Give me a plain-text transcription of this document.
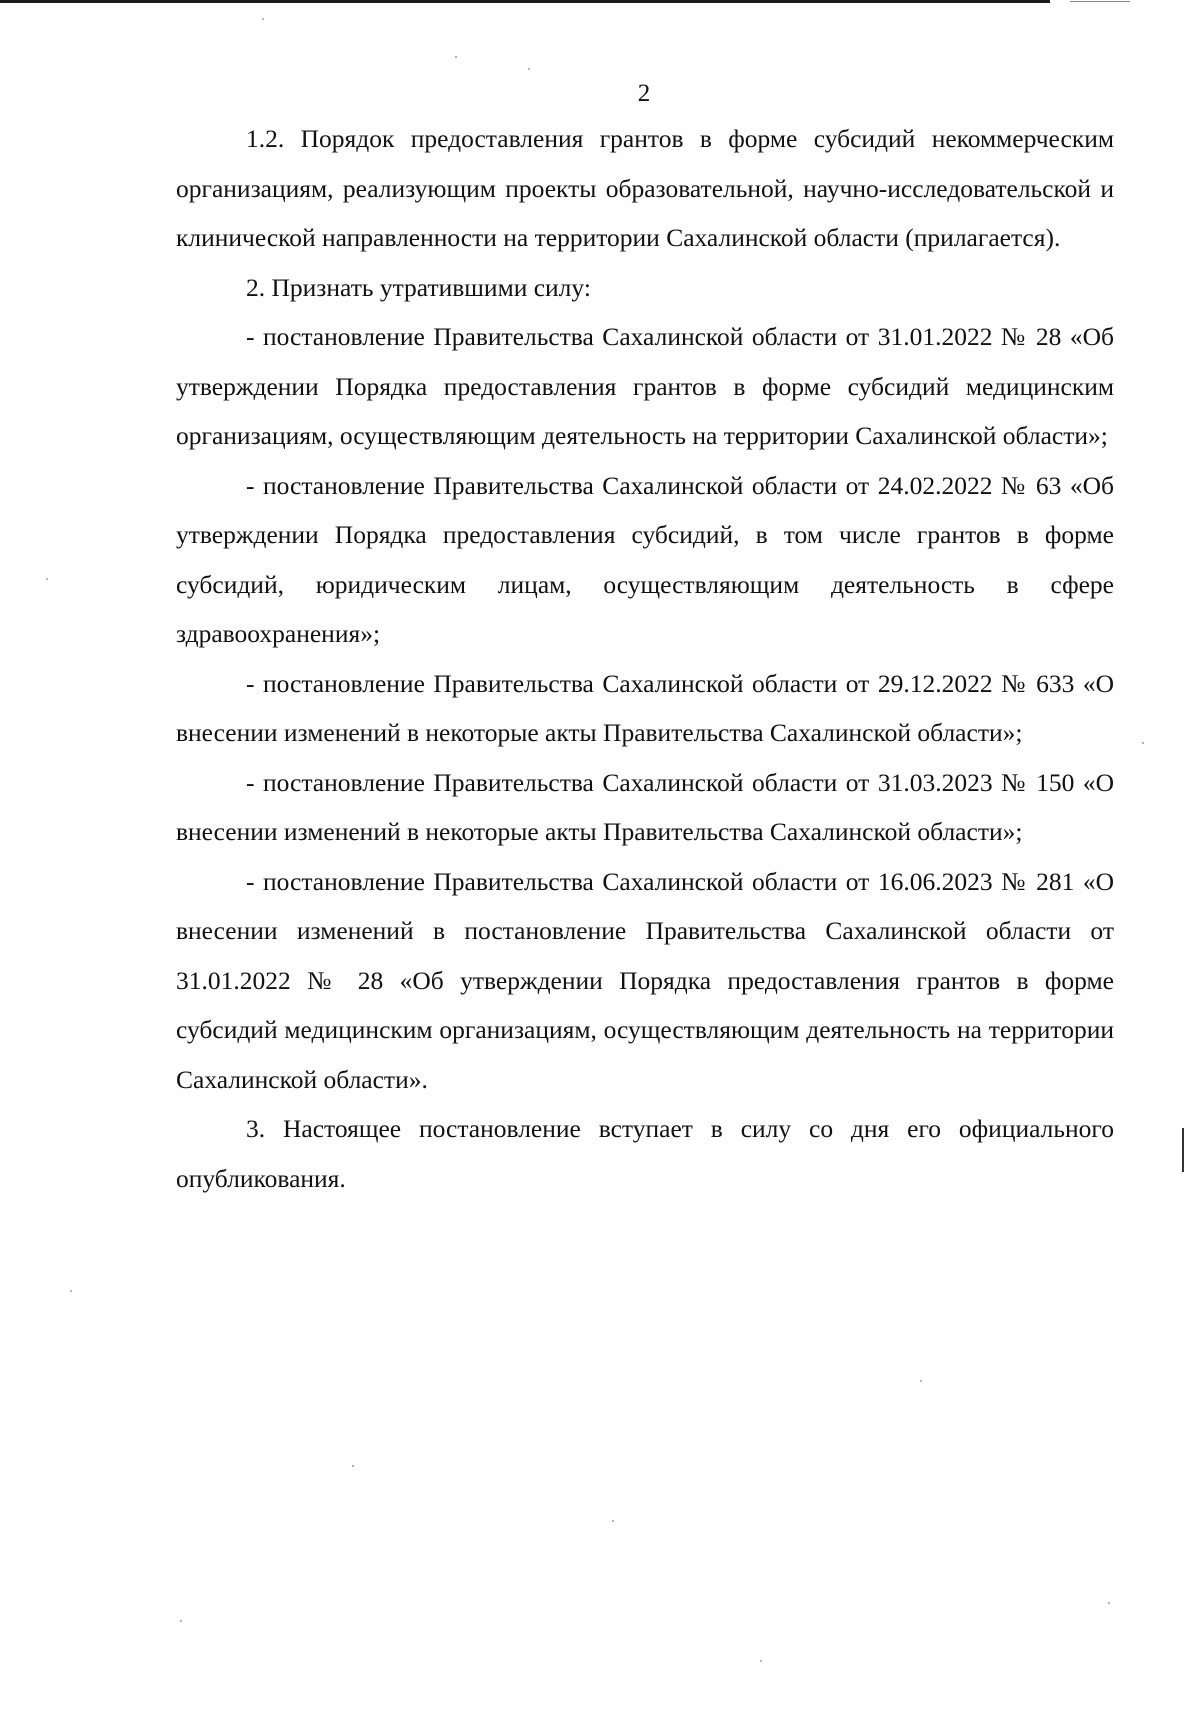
2

1.2. Порядок предоставления грантов в форме субсидий некоммерческим организациям, реализующим проекты образовательной, научно-исследовательской и клинической направленности на территории Сахалинской области (прилагается).

2. Признать утратившими силу:

- постановление Правительства Сахалинской области от 31.01.2022 № 28 «Об утверждении Порядка предоставления грантов в форме субсидий медицинским организациям, осуществляющим деятельность на территории Сахалинской области»;

- постановление Правительства Сахалинской области от 24.02.2022 № 63 «Об утверждении Порядка предоставления субсидий, в том числе грантов в форме субсидий, юридическим лицам, осуществляющим деятельность в сфере здравоохранения»;

- постановление Правительства Сахалинской области от 29.12.2022 № 633 «О внесении изменений в некоторые акты Правительства Сахалинской области»;

- постановление Правительства Сахалинской области от 31.03.2023 № 150 «О внесении изменений в некоторые акты Правительства Сахалинской области»;

- постановление Правительства Сахалинской области от 16.06.2023 № 281 «О внесении изменений в постановление Правительства Сахалинской области от 31.01.2022 № 28 «Об утверждении Порядка предоставления грантов в форме субсидий медицинским организациям, осуществляющим деятельность на территории Сахалинской области».

3. Настоящее постановление вступает в силу со дня его официального опубликования.
